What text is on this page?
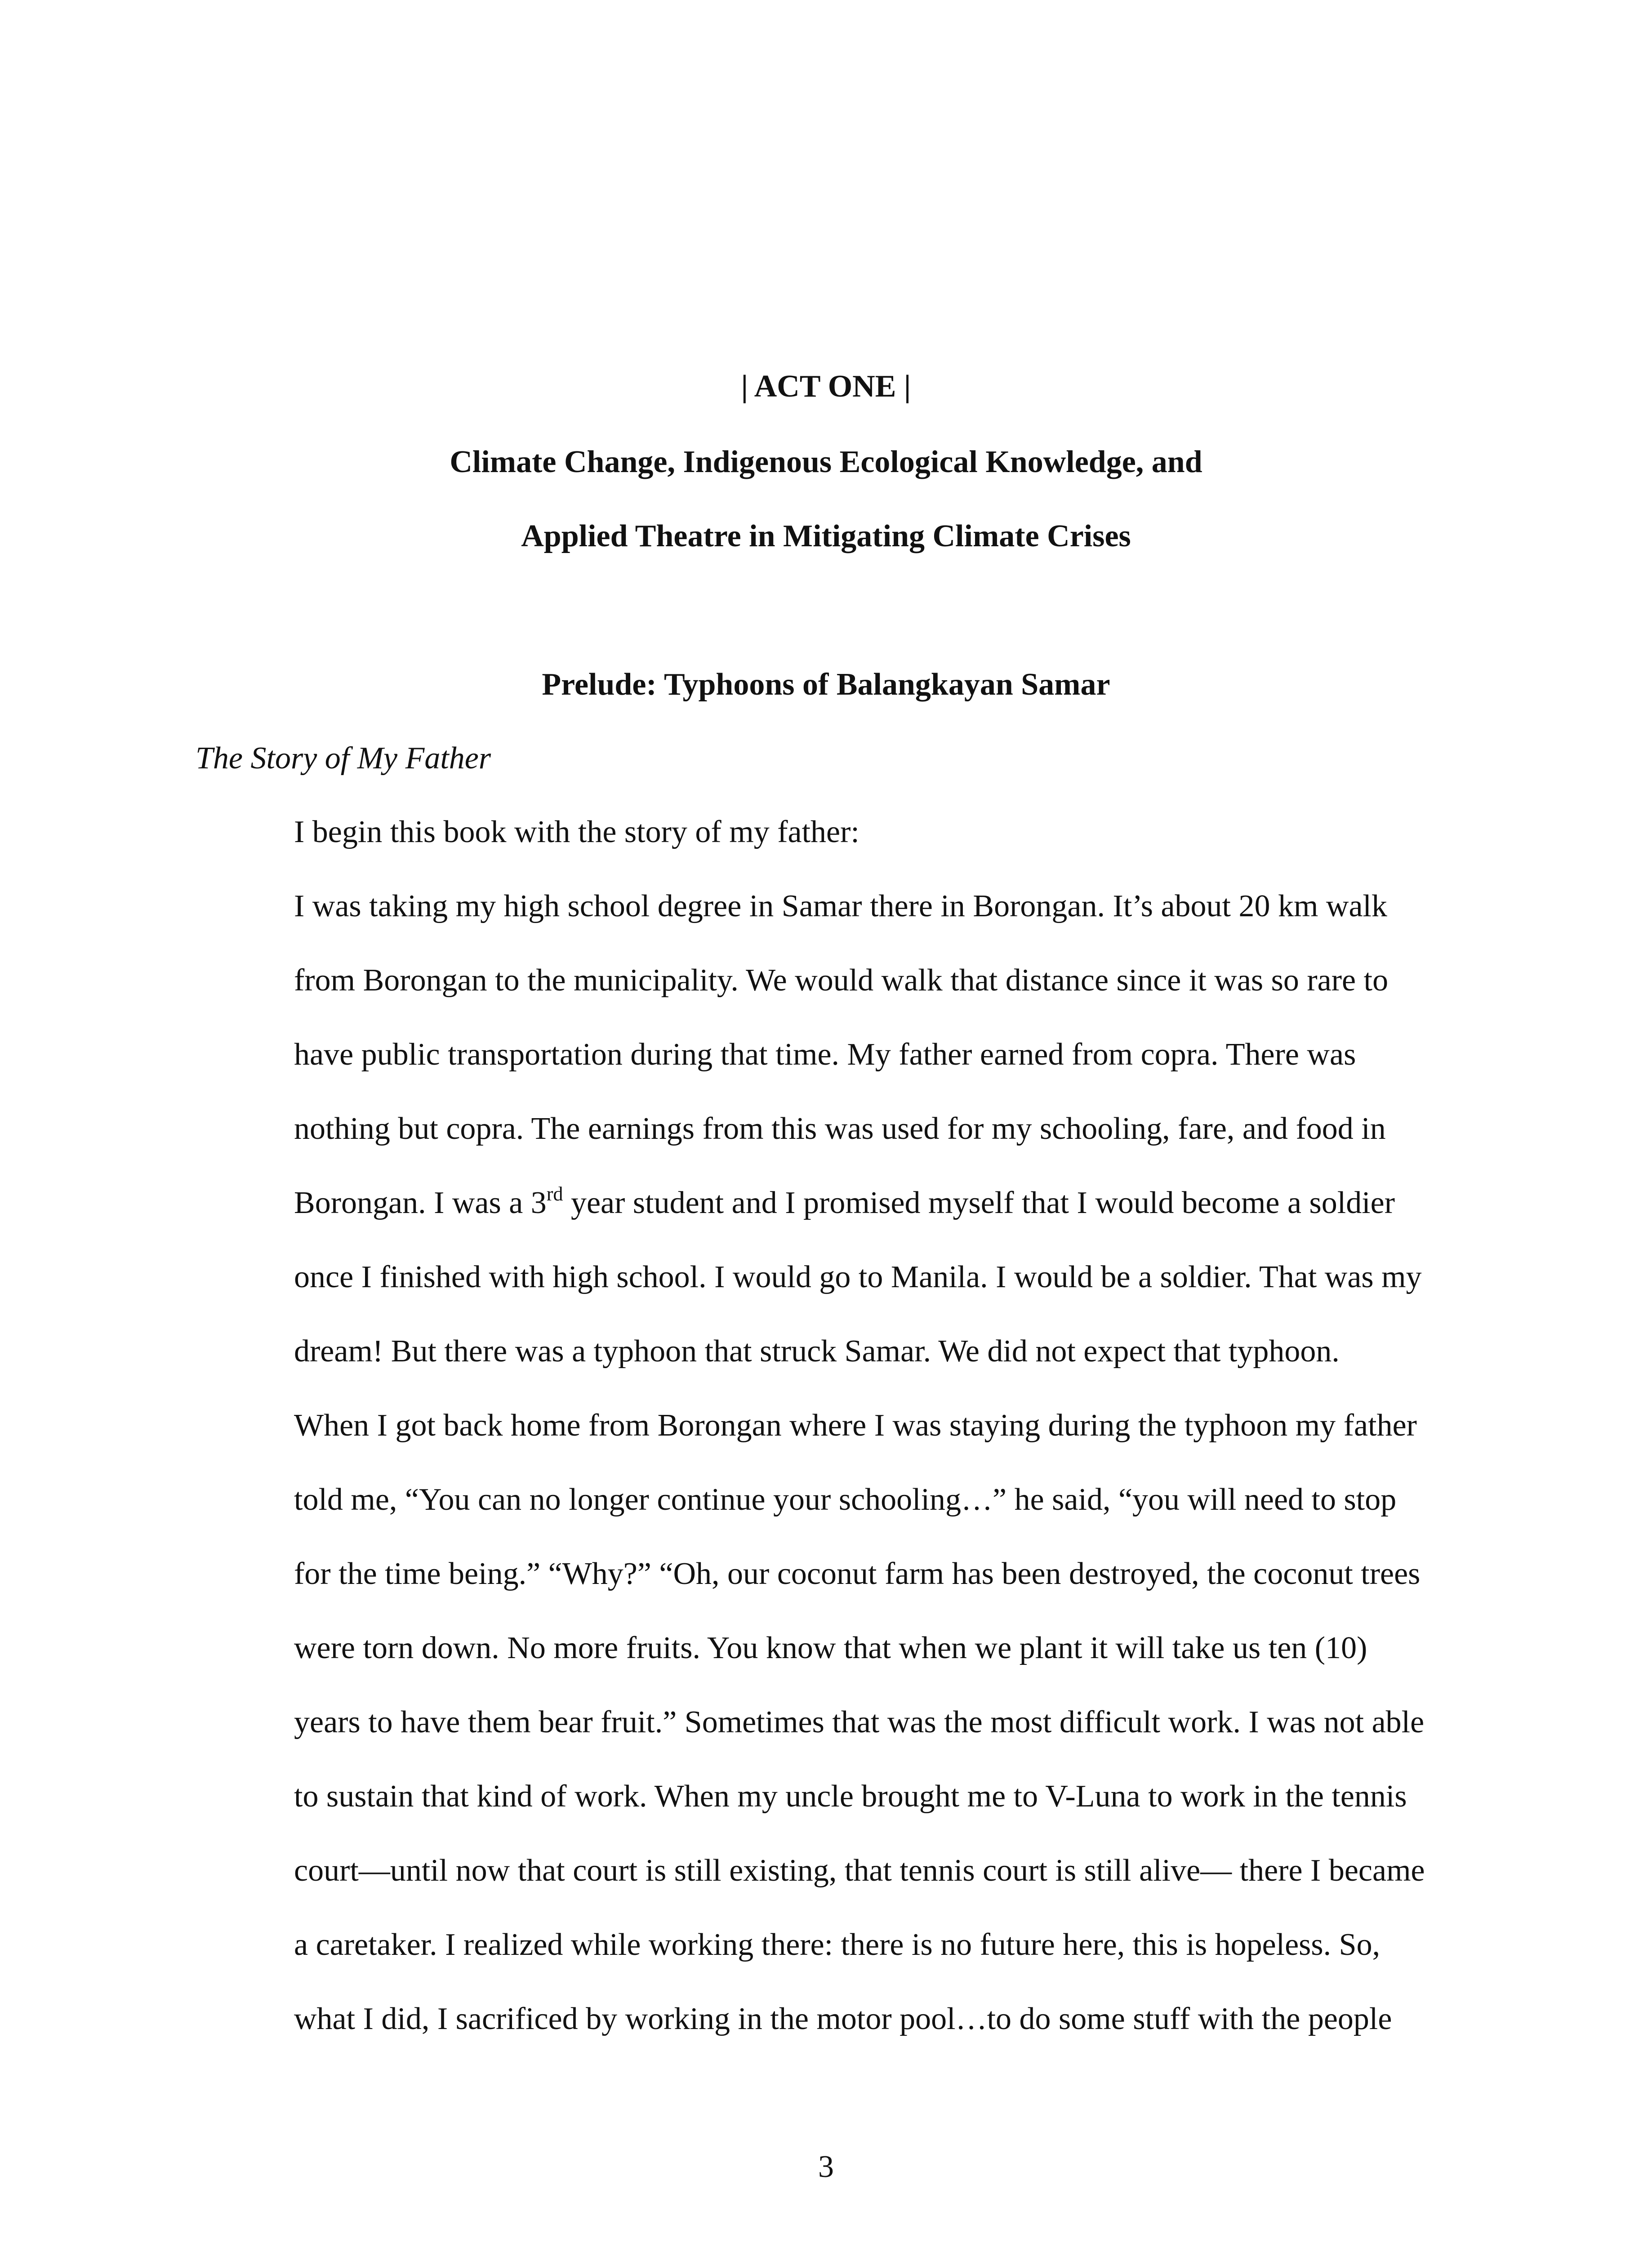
| ACT ONE |
Climate Change, Indigenous Ecological Knowledge, and
Applied Theatre in Mitigating Climate Crises
Prelude: Typhoons of Balangkayan Samar
The Story of My Father

I begin this book with the story of my father:

I was taking my high school degree in Samar there in Borongan. It’s about 20 km walk
from Borongan to the municipality. We would walk that distance since it was so rare to
have public transportation during that time. My father earned from copra. There was
nothing but copra. The earnings from this was used for my schooling, fare, and food in
Borongan. I was a 3rd year student and I promised myself that I would become a soldier
once I finished with high school. I would go to Manila. I would be a soldier. That was my
dream! But there was a typhoon that struck Samar. We did not expect that typhoon.
When I got back home from Borongan where I was staying during the typhoon my father
told me, “You can no longer continue your schooling…” he said, “you will need to stop
for the time being.” “Why?” “Oh, our coconut farm has been destroyed, the coconut trees
were torn down. No more fruits. You know that when we plant it will take us ten (10)
years to have them bear fruit.” Sometimes that was the most difficult work. I was not able
to sustain that kind of work. When my uncle brought me to V-Luna to work in the tennis
court—until now that court is still existing, that tennis court is still alive— there I became
a caretaker. I realized while working there: there is no future here, this is hopeless. So,
what I did, I sacrificed by working in the motor pool…to do some stuff with the people

3
